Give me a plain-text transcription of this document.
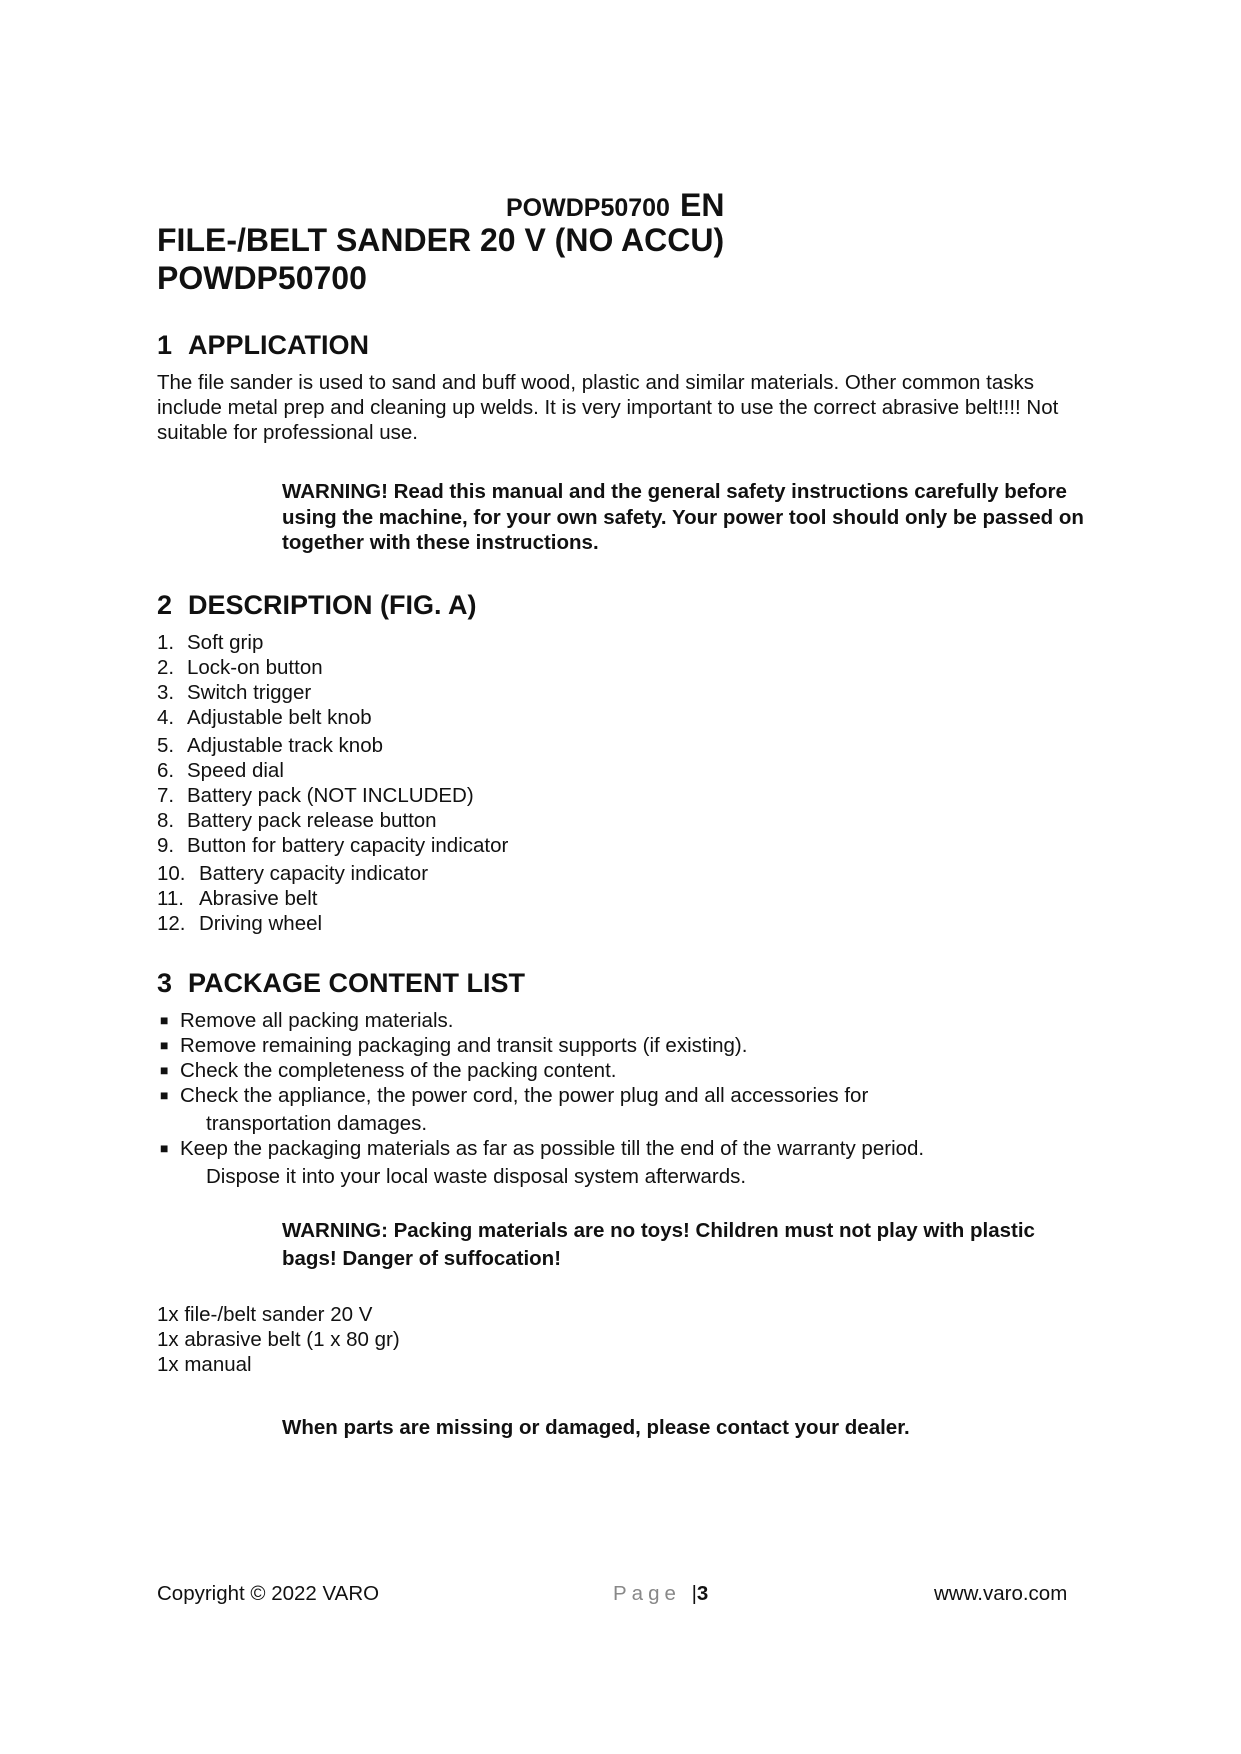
POWDP50700 EN
FILE-/BELT SANDER 20 V (NO ACCU)
POWDP50700
1 APPLICATION
The file sander is used to sand and buff wood, plastic and similar materials. Other common tasks include metal prep and cleaning up welds. It is very important to use the correct abrasive belt!!!! Not suitable for professional use.
WARNING! Read this manual and the general safety instructions carefully before using the machine, for your own safety. Your power tool should only be passed on together with these instructions.
2 DESCRIPTION (FIG. A)
1. Soft grip
2. Lock-on button
3. Switch trigger
4. Adjustable belt knob
5. Adjustable track knob
6. Speed dial
7. Battery pack (NOT INCLUDED)
8. Battery pack release button
9. Button for battery capacity indicator
10. Battery capacity indicator
11. Abrasive belt
12. Driving wheel
3 PACKAGE CONTENT LIST
■ Remove all packing materials.
■ Remove remaining packaging and transit supports (if existing).
■ Check the completeness of the packing content.
■ Check the appliance, the power cord, the power plug and all accessories for
transportation damages.
■ Keep the packaging materials as far as possible till the end of the warranty period.
Dispose it into your local waste disposal system afterwards.
WARNING: Packing materials are no toys! Children must not play with plastic
bags! Danger of suffocation!
1x file-/belt sander 20 V
1x abrasive belt (1 x 80 gr)
1x manual
When parts are missing or damaged, please contact your dealer.
Copyright © 2022 VARO	Page |3	www.varo.com
